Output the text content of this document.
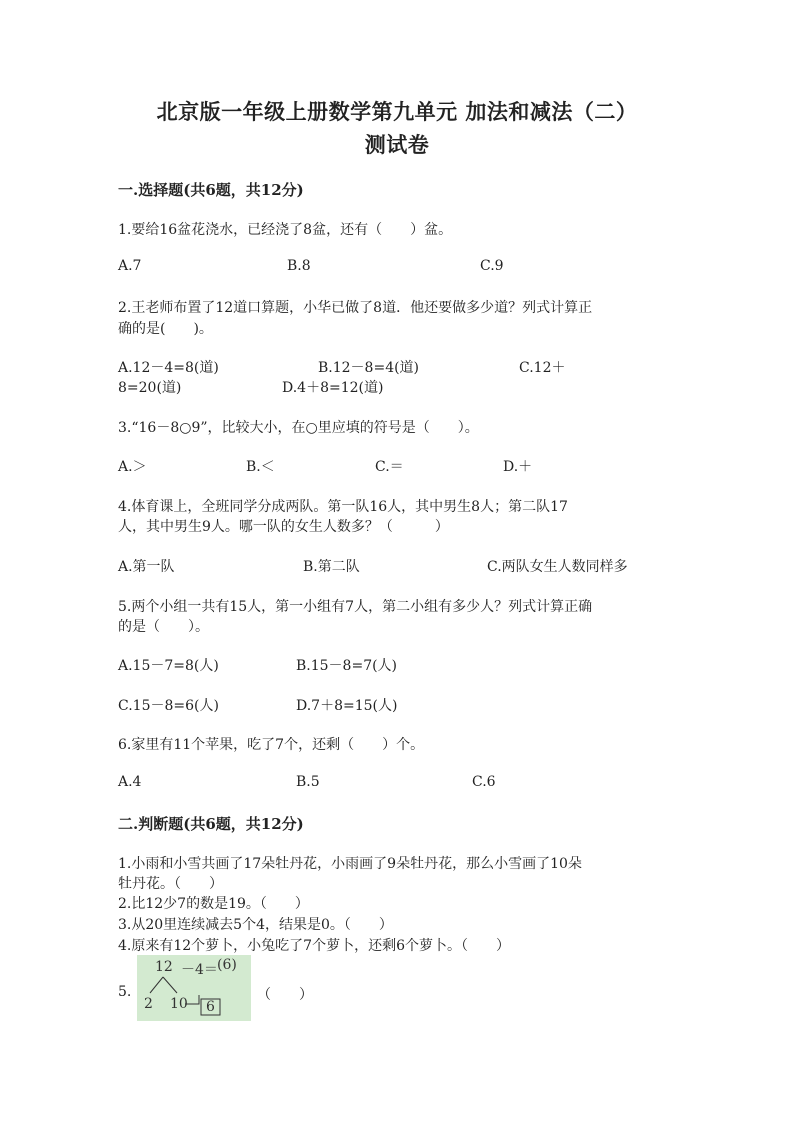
北京版一年级上册数学第九单元 加法和减法（二）
测试卷
一.选择题(共6题，共12分)
1.要给16盆花浇水，已经浇了8盆，还有（　　）盆。
A.7	B.8	C.9
2.王老师布置了12道口算题，小华已做了8道．他还要做多少道？列式计算正
确的是(　　)。
A.12－4=8(道)	B.12－8=4(道)	C.12＋
8=20(道)	D.4＋8=12(道)
3.“16－8○9”，比较大小，在○里应填的符号是（　　）。
A.＞	B.＜	C.＝	D.＋
4.体育课上，全班同学分成两队。第一队16人，其中男生8人；第二队17
人，其中男生9人。哪一队的女生人数多？（　　　）
A.第一队	B.第二队	C.两队女生人数同样多
5.两个小组一共有15人，第一小组有7人，第二小组有多少人？列式计算正确
的是（　　）。
A.15－7=8(人)	B.15－8=7(人)
C.15－8=6(人)	D.7＋8=15(人)
6.家里有11个苹果，吃了7个，还剩（　　）个。
A.4	B.5	C.6
二.判断题(共6题，共12分)
1.小雨和小雪共画了17朵牡丹花，小雨画了9朵牡丹花，那么小雪画了10朵
牡丹花。（　　）
2.比12少7的数是19。（　　）
3.从20里连续减去5个4，结果是0。（　　）
4.原来有12个萝卜，小兔吃了7个萝卜，还剩6个萝卜。（　　）
5.
12 －4＝ (6)
2 10 6
（　　）
